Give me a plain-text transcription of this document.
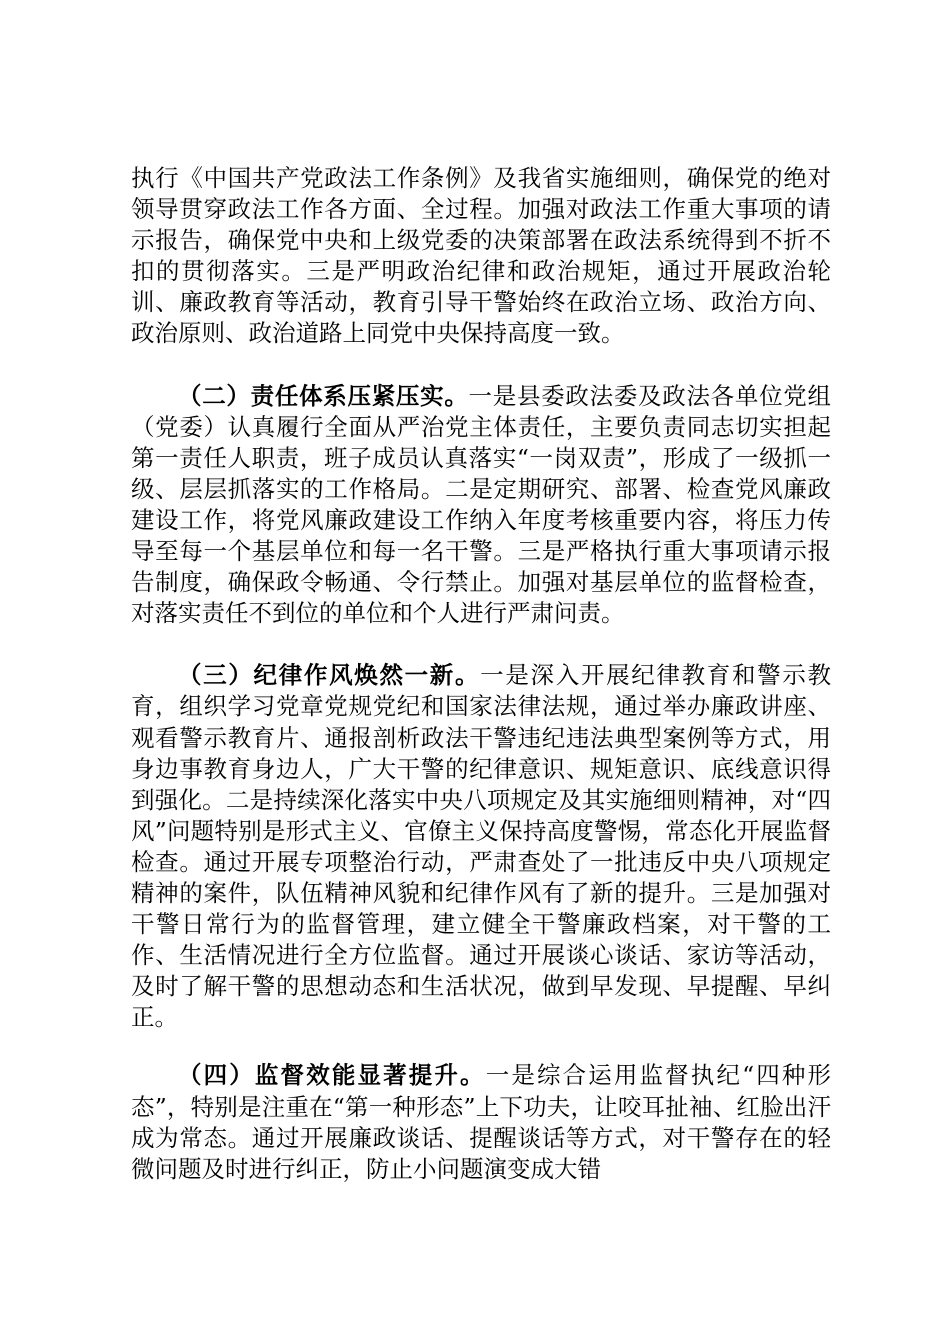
执行《中国共产党政法工作条例》及我省实施细则，确保党的绝对领导贯穿政法工作各方面、全过程。加强对政法工作重大事项的请示报告，确保党中央和上级党委的决策部署在政法系统得到不折不扣的贯彻落实。三是严明政治纪律和政治规矩，通过开展政治轮训、廉政教育等活动，教育引导干警始终在政治立场、政治方向、政治原则、政治道路上同党中央保持高度一致。

（二）责任体系压紧压实。一是县委政法委及政法各单位党组（党委）认真履行全面从严治党主体责任，主要负责同志切实担起第一责任人职责，班子成员认真落实“一岗双责”，形成了一级抓一级、层层抓落实的工作格局。二是定期研究、部署、检查党风廉政建设工作，将党风廉政建设工作纳入年度考核重要内容，将压力传导至每一个基层单位和每一名干警。三是严格执行重大事项请示报告制度，确保政令畅通、令行禁止。加强对基层单位的监督检查，对落实责任不到位的单位和个人进行严肃问责。

（三）纪律作风焕然一新。一是深入开展纪律教育和警示教育，组织学习党章党规党纪和国家法律法规，通过举办廉政讲座、观看警示教育片、通报剖析政法干警违纪违法典型案例等方式，用身边事教育身边人，广大干警的纪律意识、规矩意识、底线意识得到强化。二是持续深化落实中央八项规定及其实施细则精神，对“四风”问题特别是形式主义、官僚主义保持高度警惕，常态化开展监督检查。通过开展专项整治行动，严肃查处了一批违反中央八项规定精神的案件，队伍精神风貌和纪律作风有了新的提升。三是加强对干警日常行为的监督管理，建立健全干警廉政档案，对干警的工作、生活情况进行全方位监督。通过开展谈心谈话、家访等活动，及时了解干警的思想动态和生活状况，做到早发现、早提醒、早纠正。

（四）监督效能显著提升。一是综合运用监督执纪“四种形态”，特别是注重在“第一种形态”上下功夫，让咬耳扯袖、红脸出汗成为常态。通过开展廉政谈话、提醒谈话等方式，对干警存在的轻微问题及时进行纠正，防止小问题演变成大错
